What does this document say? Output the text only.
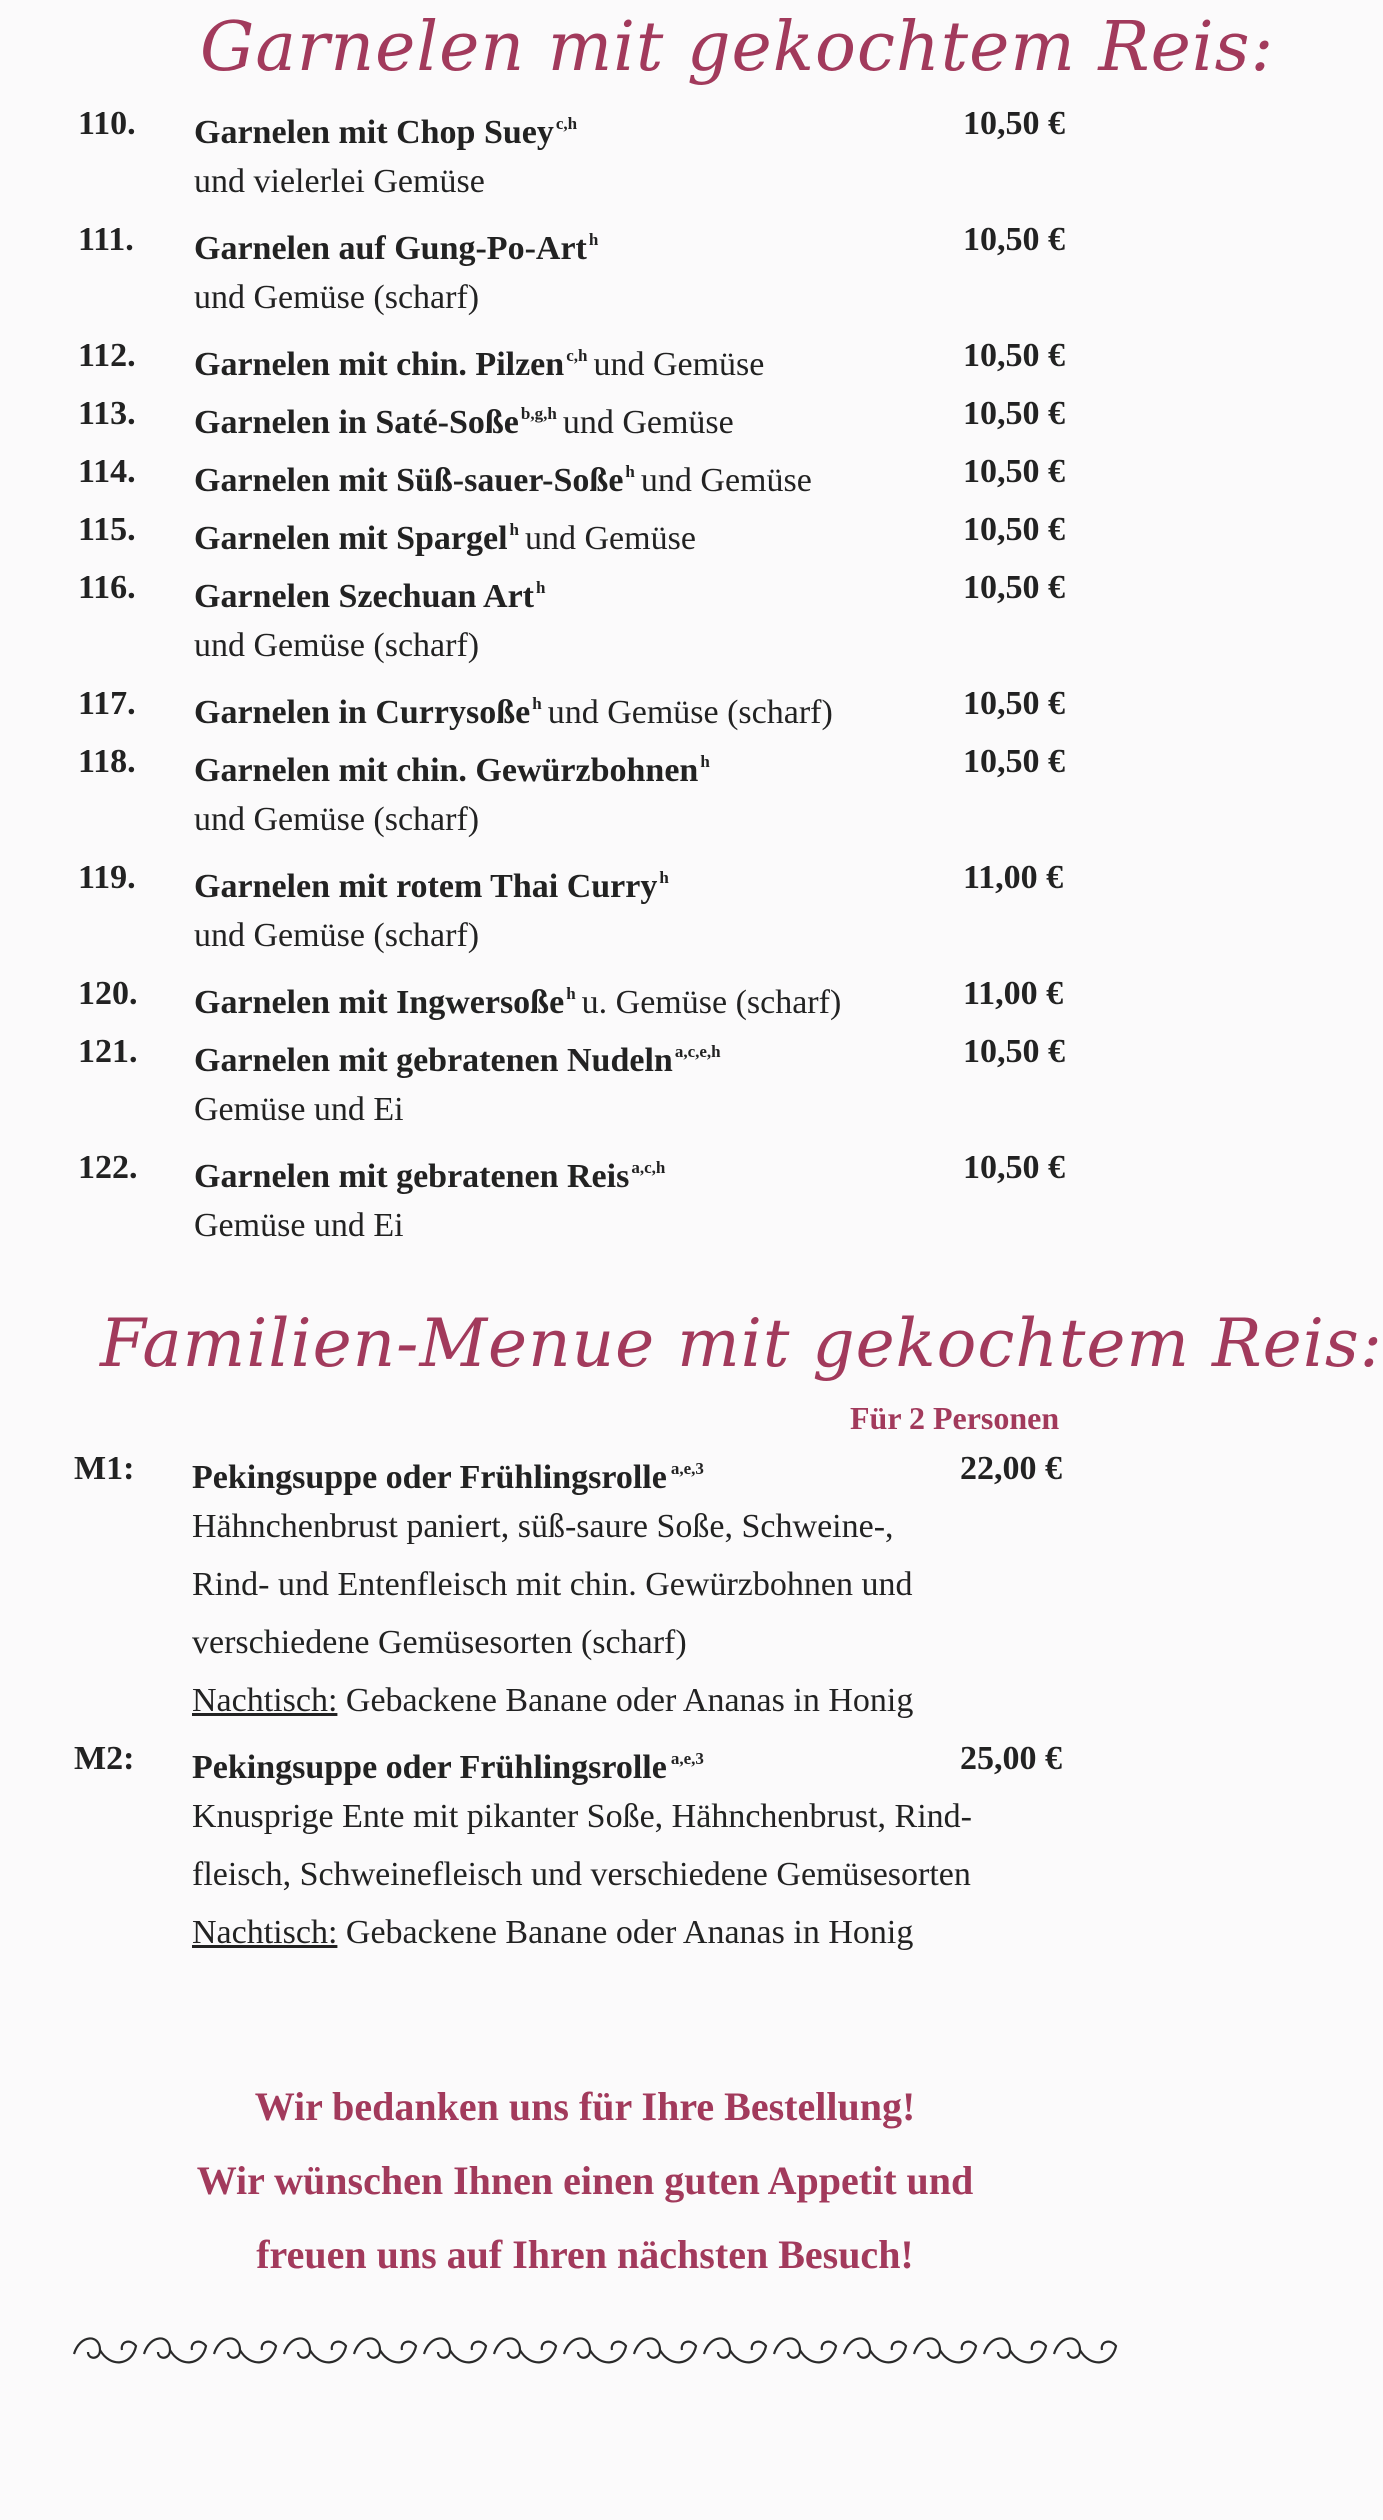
Garnelen mit gekochtem Reis:
110.	Garnelen mit Chop Suey $^{c,h}$	10,50 €
und vielerlei Gemüse
111.	Garnelen auf Gung-Po-Art $^h$	10,50 €
und Gemüse (scharf)
112.	Garnelen mit chin. Pilzen $^{c,h}$ und Gemüse	10,50 €
113.	Garnelen in Saté-Soße $^{b,g,h}$ und Gemüse	10,50 €
114.	Garnelen mit Süß-sauer-Soße $^h$ und Gemüse	10,50 €
115.	Garnelen mit Spargel $^h$ und Gemüse	10,50 €
116.	Garnelen Szechuan Art $^h$	10,50 €
und Gemüse (scharf)
117.	Garnelen in Currysoße $^h$ und Gemüse (scharf)	10,50 €
118.	Garnelen mit chin. Gewürzbohnen $^h$	10,50 €
und Gemüse (scharf)
119.	Garnelen mit rotem Thai Curry $^h$	11,00 €
und Gemüse (scharf)
120.	Garnelen mit Ingwersoße $^h$ u. Gemüse (scharf)	11,00 €
121.	Garnelen mit gebratenen Nudeln $^{a,c,e,h}$	10,50 €
Gemüse und Ei
122.	Garnelen mit gebratenen Reis $^{a,c,h}$	10,50 €
Gemüse und Ei
Familien-Menue mit gekochtem Reis:
Für 2 Personen
M1: Pekingsuppe oder Frühlingsrolle $^{a,e,3}$	22,00 €
Hähnchenbrust paniert, süß-saure Soße, Schweine-,
Rind- und Entenfleisch mit chin. Gewürzbohnen und
verschiedene Gemüsesorten (scharf)
Nachtisch: Gebackene Banane oder Ananas in Honig
M2: Pekingsuppe oder Frühlingsrolle $^{a,e,3}$	25,00 €
Knusprige Ente mit pikanter Soße, Hähnchenbrust, Rind-
fleisch, Schweinefleisch und verschiedene Gemüsesorten
Nachtisch: Gebackene Banane oder Ananas in Honig
Wir bedanken uns für Ihre Bestellung!
Wir wünschen Ihnen einen guten Appetit und
freuen uns auf Ihren nächsten Besuch!
